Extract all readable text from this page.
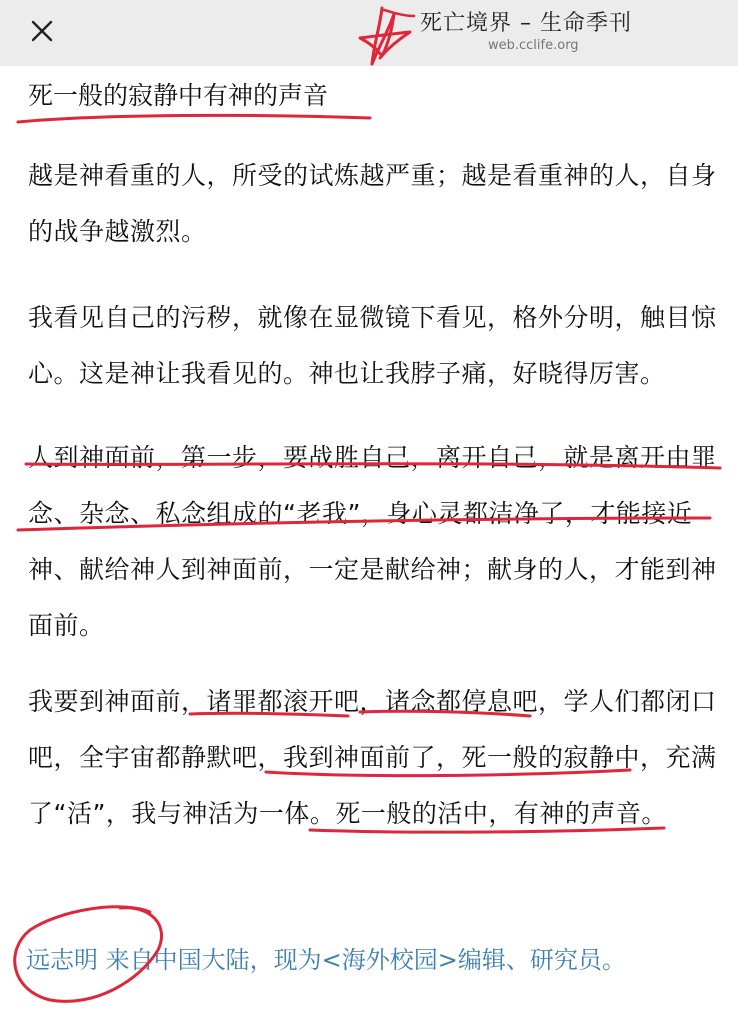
死亡境界 – 生命季刊
web.cclife.org
死一般的寂静中有神的声音

越是神看重的人，所受的试炼越严重；越是看重神的人，自身的战争越激烈。

我看见自己的污秽，就像在显微镜下看见，格外分明，触目惊心。这是神让我看见的。神也让我脖子痛，好晓得厉害。

人到神面前，第一步，要战胜自己，离开自己，就是离开由罪念、杂念、私念组成的“老我”，身心灵都洁净了，才能接近神、献给神人到神面前，一定是献给神；献身的人，才能到神面前。

我要到神面前，诸罪都滚开吧，诸念都停息吧，学人们都闭口吧，全宇宙都静默吧，我到神面前了，死一般的寂静中，充满了“活”，我与神活为一体。死一般的活中，有神的声音。

远志明 来自中国大陆，现为<海外校园>编辑、研究员。
